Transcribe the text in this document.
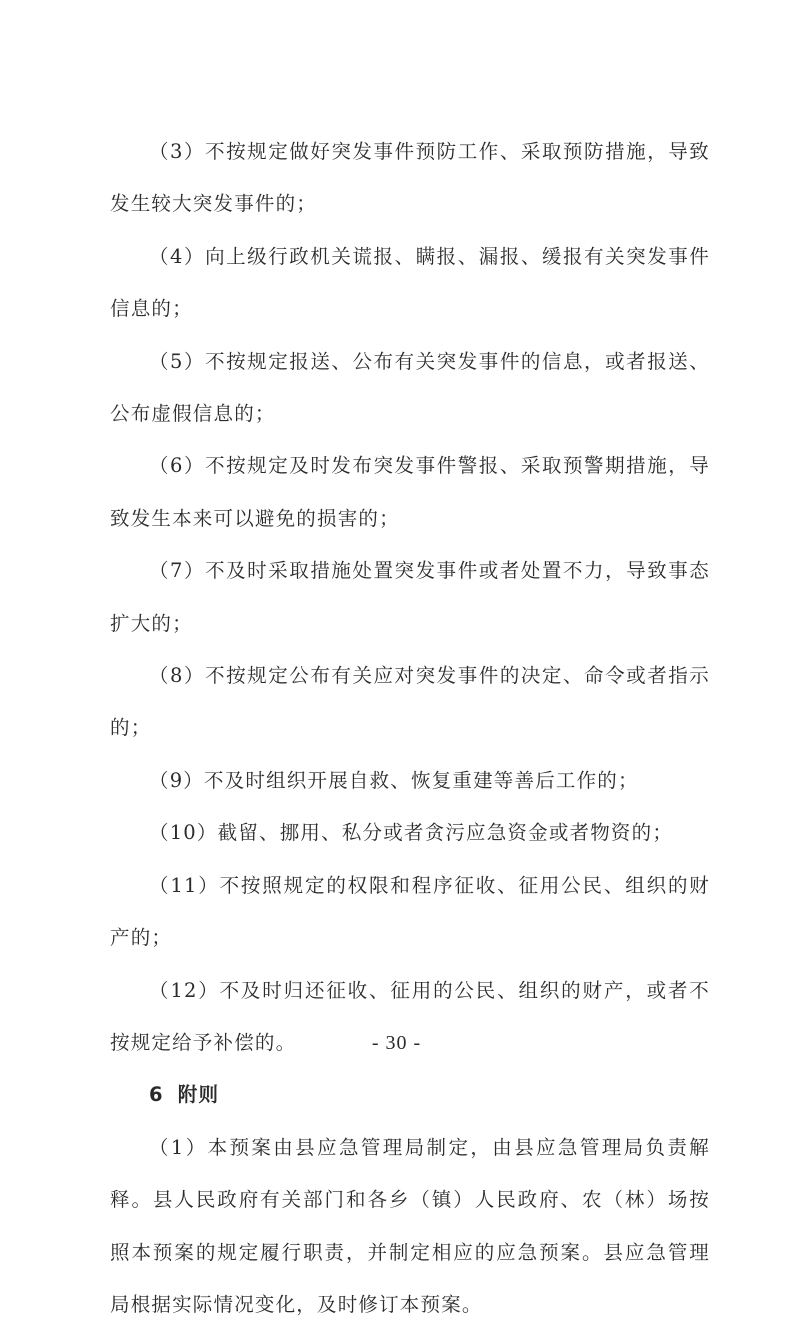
（3）不按规定做好突发事件预防工作、采取预防措施，导致发生较大突发事件的；

（4）向上级行政机关谎报、瞒报、漏报、缓报有关突发事件信息的；

（5）不按规定报送、公布有关突发事件的信息，或者报送、公布虚假信息的；

（6）不按规定及时发布突发事件警报、采取预警期措施，导致发生本来可以避免的损害的；

（7）不及时采取措施处置突发事件或者处置不力，导致事态扩大的；

（8）不按规定公布有关应对突发事件的决定、命令或者指示的；

（9）不及时组织开展自救、恢复重建等善后工作的；

（10）截留、挪用、私分或者贪污应急资金或者物资的；

（11）不按照规定的权限和程序征收、征用公民、组织的财产的；

（12）不及时归还征收、征用的公民、组织的财产，或者不按规定给予补偿的。

6 附则

（1）本预案由县应急管理局制定，由县应急管理局负责解释。县人民政府有关部门和各乡（镇）人民政府、农（林）场按照本预案的规定履行职责，并制定相应的应急预案。县应急管理局根据实际情况变化，及时修订本预案。

- 30 -
